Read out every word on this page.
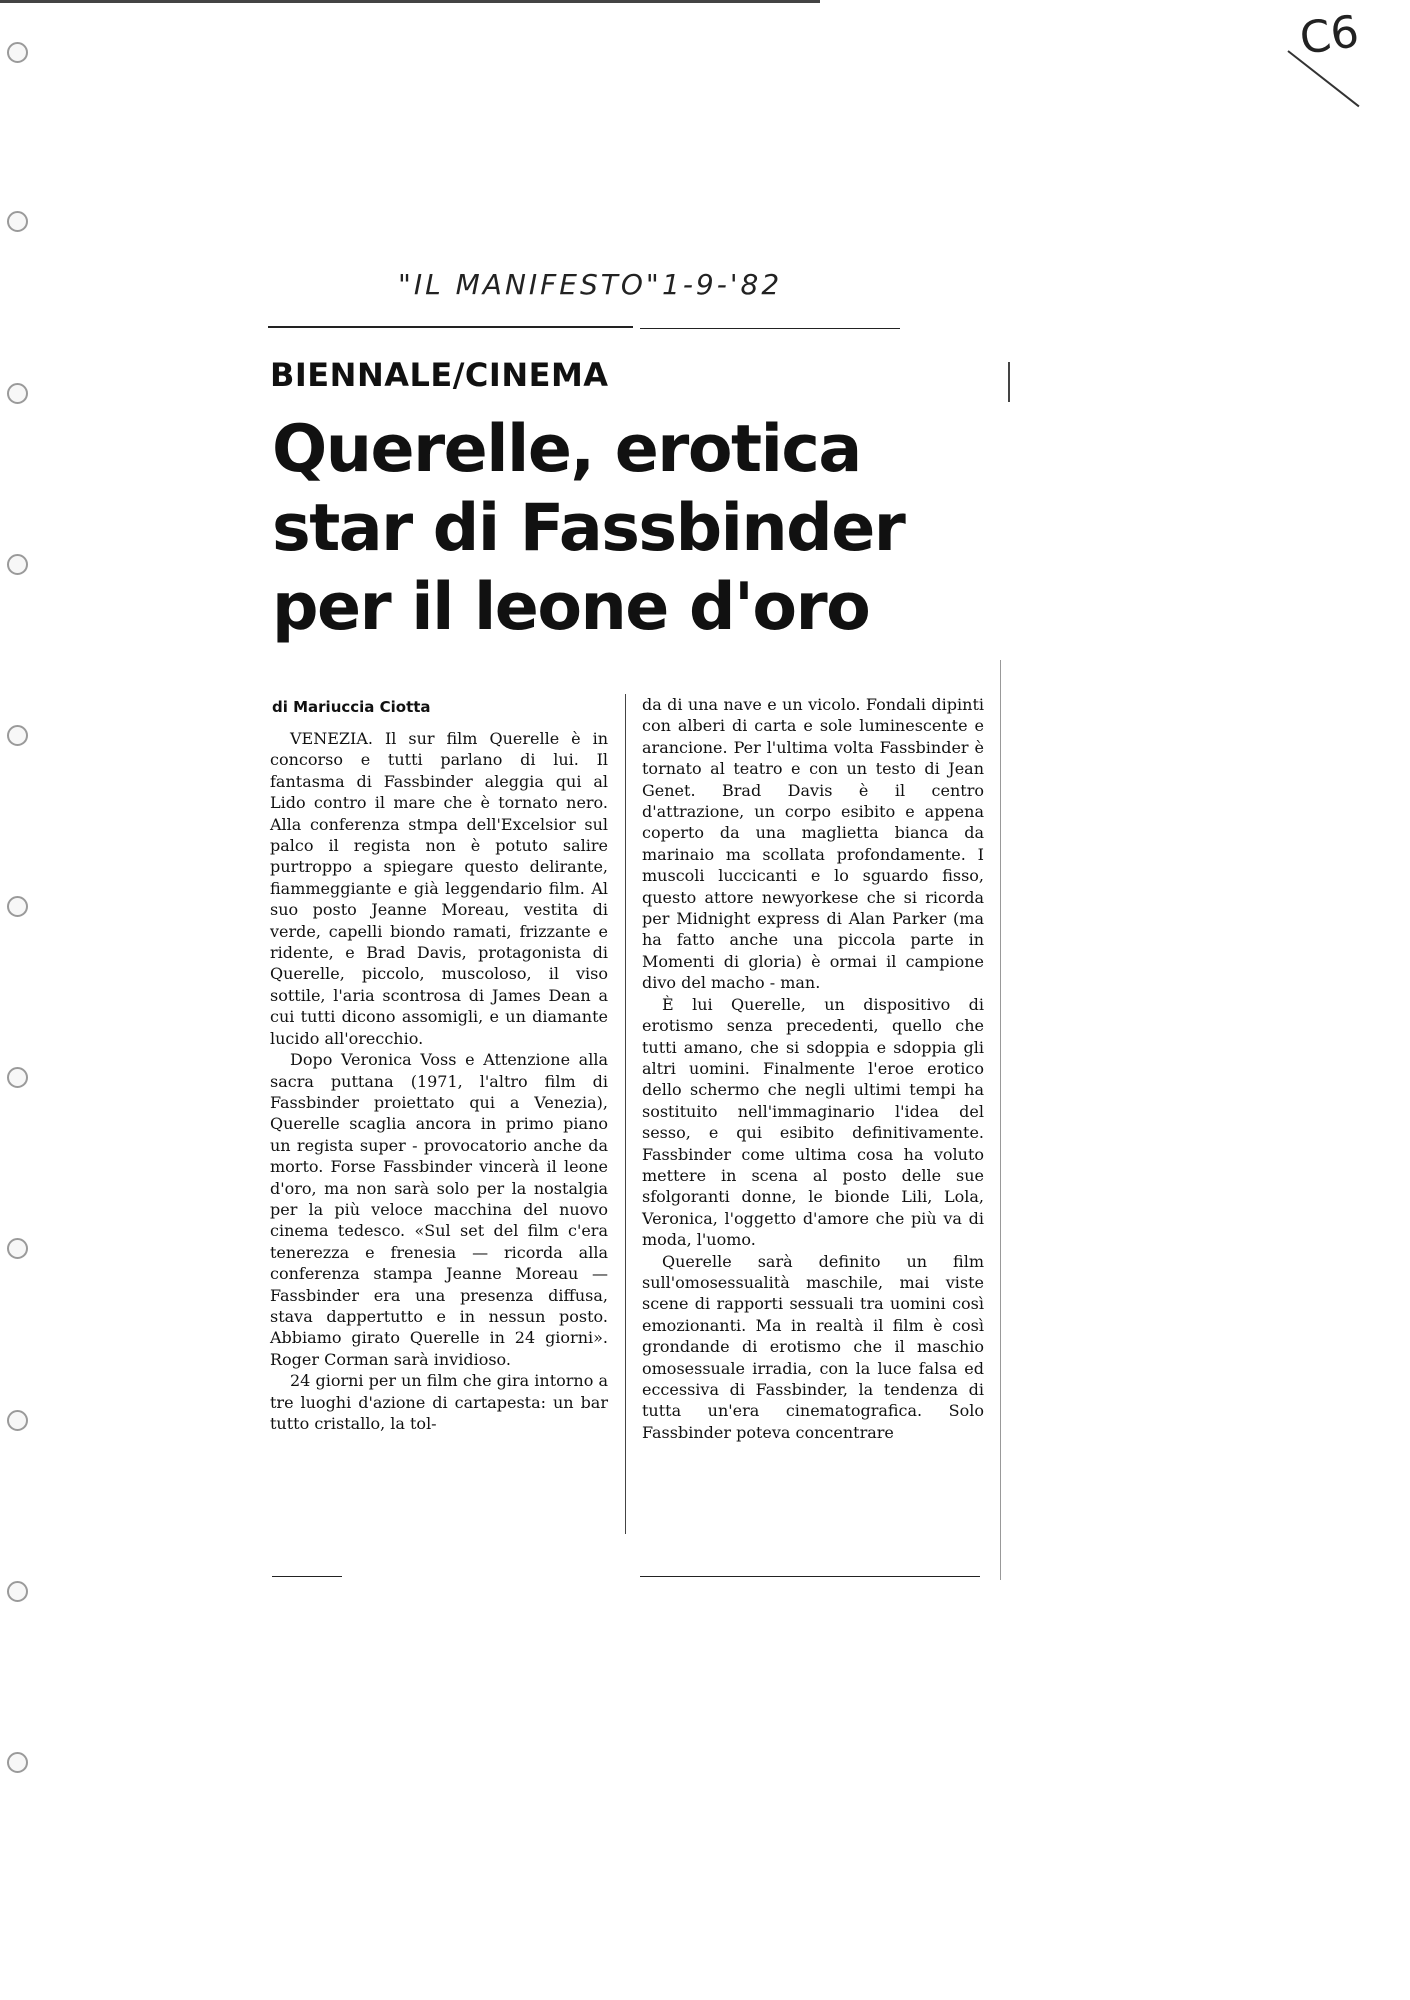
C6
"IL MANIFESTO" 1-9-'82
BIENNALE/CINEMA
Querelle, erotica
star di Fassbinder
per il leone d'oro
di Mariuccia Ciotta

VENEZIA. Il sur film Querelle è in concorso e tutti parlano di lui. Il fantasma di Fassbinder aleggia qui al Lido contro il mare che è tornato nero. Alla conferenza stmpa dell'Excelsior sul palco il regista non è potuto salire purtroppo a spiegare questo delirante, fiammeggiante e già leggendario film. Al suo posto Jeanne Moreau, vestita di verde, capelli biondo ramati, frizzante e ridente, e Brad Davis, protagonista di Querelle, piccolo, muscoloso, il viso sottile, l'aria scontrosa di James Dean a cui tutti dicono assomigli, e un diamante lucido all'orecchio.

Dopo Veronica Voss e Attenzione alla sacra puttana (1971, l'altro film di Fassbinder proiettato qui a Venezia), Querelle scaglia ancora in primo piano un regista super - provocatorio anche da morto. Forse Fassbinder vincerà il leone d'oro, ma non sarà solo per la nostalgia per la più veloce macchina del nuovo cinema tedesco. «Sul set del film c'era tenerezza e frenesia — ricorda alla conferenza stampa Jeanne Moreau — Fassbinder era una presenza diffusa, stava dappertutto e in nessun posto. Abbiamo girato Querelle in 24 giorni». Roger Corman sarà invidioso.

24 giorni per un film che gira intorno a tre luoghi d'azione di cartapesta: un bar tutto cristallo, la tol-

da di una nave e un vicolo. Fondali dipinti con alberi di carta e sole luminescente e arancione. Per l'ultima volta Fassbinder è tornato al teatro e con un testo di Jean Genet. Brad Davis è il centro d'attrazione, un corpo esibito e appena coperto da una maglietta bianca da marinaio ma scollata profondamente. I muscoli luccicanti e lo sguardo fisso, questo attore newyorkese che si ricorda per Midnight express di Alan Parker (ma ha fatto anche una piccola parte in Momenti di gloria) è ormai il campione divo del macho - man.

È lui Querelle, un dispositivo di erotismo senza precedenti, quello che tutti amano, che si sdoppia e sdoppia gli altri uomini. Finalmente l'eroe erotico dello schermo che negli ultimi tempi ha sostituito nell'immaginario l'idea del sesso, e qui esibito definitivamente. Fassbinder come ultima cosa ha voluto mettere in scena al posto delle sue sfolgoranti donne, le bionde Lili, Lola, Veronica, l'oggetto d'amore che più va di moda, l'uomo.

Querelle sarà definito un film sull'omosessualità maschile, mai viste scene di rapporti sessuali tra uomini così emozionanti. Ma in realtà il film è così grondande di erotismo che il maschio omosessuale irradia, con la luce falsa ed eccessiva di Fassbinder, la tendenza di tutta un'era cinematografica. Solo Fassbinder poteva concentrare
